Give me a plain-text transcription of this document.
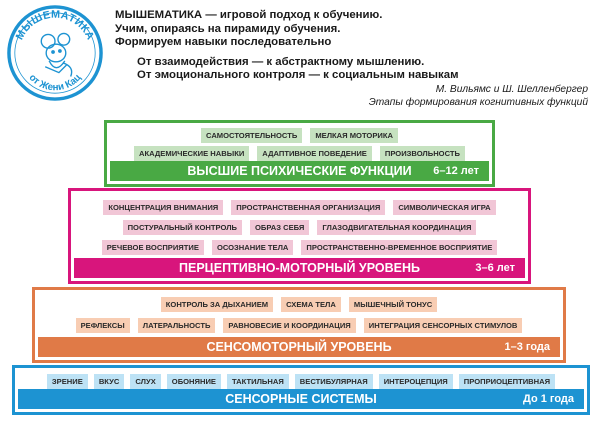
МЫШЕМАТИКА
от Жени Кац
МЫШЕМАТИКА — игровой подход к обучению.
Учим, опираясь на пирамиду обучения.
Формируем навыки последовательно
От взаимодействия — к абстрактному мышлению.
От эмоционального контроля — к социальным навыкам
М. Вильямс и Ш. Шелленбергер
Этапы формирования когнитивных функций
САМОСТОЯТЕЛЬНОСТЬ	МЕЛКАЯ МОТОРИКА
АКАДЕМИЧЕСКИЕ НАВЫКИ	АДАПТИВНОЕ ПОВЕДЕНИЕ	ПРОИЗВОЛЬНОСТЬ
ВЫСШИЕ ПСИХИЧЕСКИЕ ФУНКЦИИ 6–12 лет
КОНЦЕНТРАЦИЯ ВНИМАНИЯ	ПРОСТРАНСТВЕННАЯ ОРГАНИЗАЦИЯ	СИМВОЛИЧЕСКАЯ ИГРА
ПОСТУРАЛЬНЫЙ КОНТРОЛЬ	ОБРАЗ СЕБЯ	ГЛАЗОДВИГАТЕЛЬНАЯ КООРДИНАЦИЯ
РЕЧЕВОЕ ВОСПРИЯТИЕ	ОСОЗНАНИЕ ТЕЛА	ПРОСТРАНСТВЕННО-ВРЕМЕННОЕ ВОСПРИЯТИЕ
ПЕРЦЕПТИВНО-МОТОРНЫЙ УРОВЕНЬ	3–6 лет
КОНТРОЛЬ ЗА ДЫХАНИЕМ	СХЕМА ТЕЛА	МЫШЕЧНЫЙ ТОНУС
РЕФЛЕКСЫ	ЛАТЕРАЛЬНОСТЬ	РАВНОВЕСИЕ И КООРДИНАЦИЯ	ИНТЕГРАЦИЯ СЕНСОРНЫХ СТИМУЛОВ
СЕНСОМОТОРНЫЙ УРОВЕНЬ	1–3 года
ЗРЕНИЕ	ВКУС	СЛУХ	ОБОНЯНИЕ	ТАКТИЛЬНАЯ	ВЕСТИБУЛЯРНАЯ	ИНТЕРОЦЕПЦИЯ	ПРОПРИОЦЕПТИВНАЯ
СЕНСОРНЫЕ СИСТЕМЫ	До 1 года
